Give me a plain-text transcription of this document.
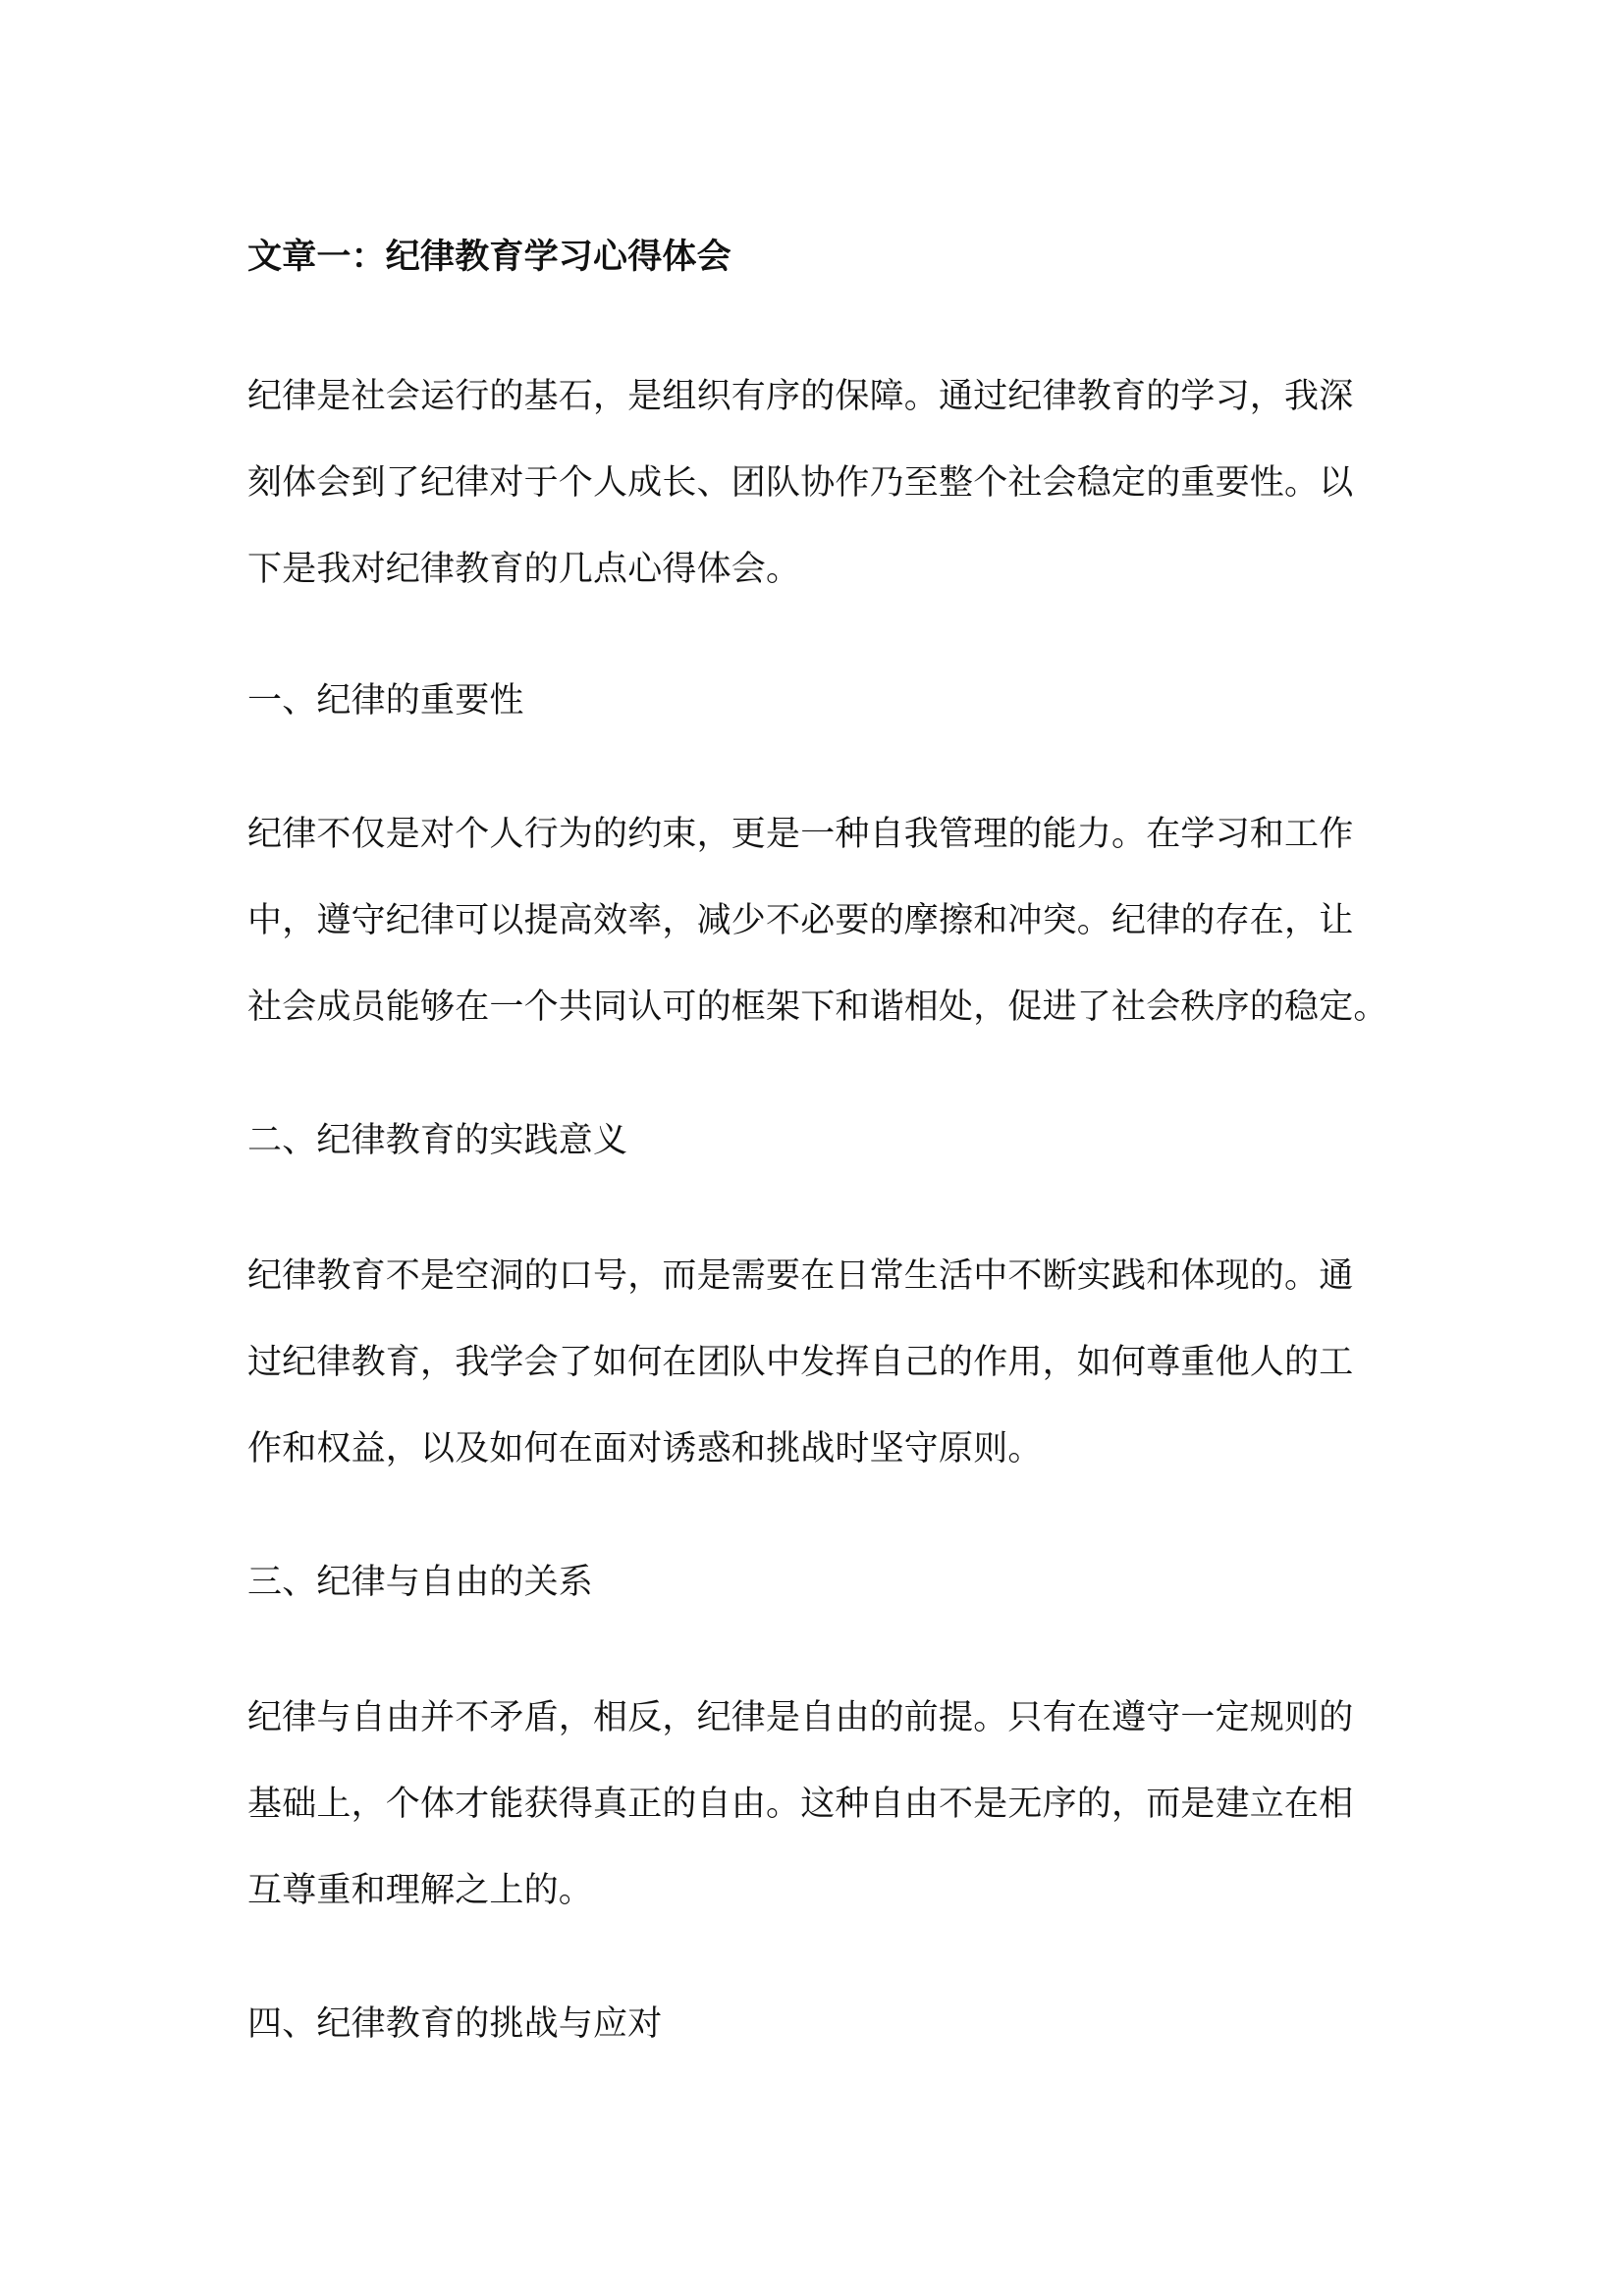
文章一：纪律教育学习心得体会

纪律是社会运行的基石，是组织有序的保障。通过纪律教育的学习，我深

刻体会到了纪律对于个人成长、团队协作乃至整个社会稳定的重要性。以

下是我对纪律教育的几点心得体会。

一、纪律的重要性

纪律不仅是对个人行为的约束，更是一种自我管理的能力。在学习和工作

中，遵守纪律可以提高效率，减少不必要的摩擦和冲突。纪律的存在，让

社会成员能够在一个共同认可的框架下和谐相处，促进了社会秩序的稳定。

二、纪律教育的实践意义

纪律教育不是空洞的口号，而是需要在日常生活中不断实践和体现的。通

过纪律教育，我学会了如何在团队中发挥自己的作用，如何尊重他人的工

作和权益，以及如何在面对诱惑和挑战时坚守原则。

三、纪律与自由的关系

纪律与自由并不矛盾，相反，纪律是自由的前提。只有在遵守一定规则的

基础上，个体才能获得真正的自由。这种自由不是无序的，而是建立在相

互尊重和理解之上的。

四、纪律教育的挑战与应对
